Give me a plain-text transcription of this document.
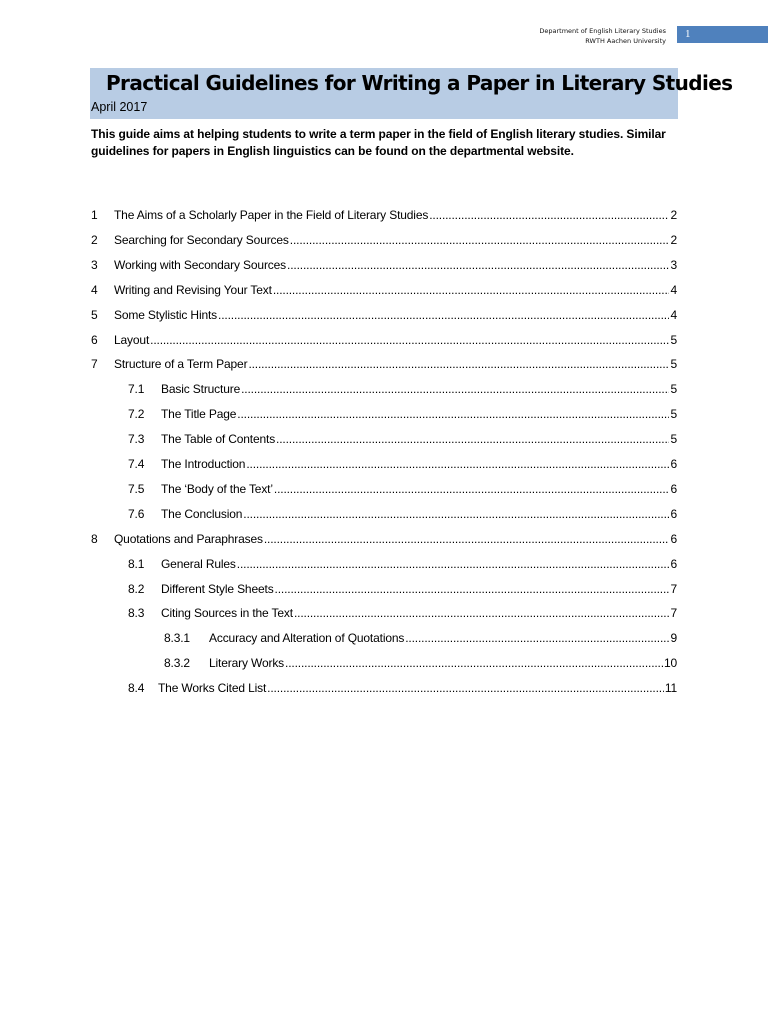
Department of English Literary Studies
RWTH Aachen University
1
Practical Guidelines for Writing a Paper in Literary Studies
April 2017
This guide aims at helping students to write a term paper in the field of English literary studies. Similar guidelines for papers in English linguistics can be found on the departmental website.
1	The Aims of a Scholarly Paper in the Field of Literary Studies .....	2
2	Searching for Secondary Sources .....	2
3	Working with Secondary Sources .....	3
4	Writing and Revising Your Text .....	4
5	Some Stylistic Hints .....	4
6	Layout .....	5
7	Structure of a Term Paper .....	5
7.1	Basic Structure .....	5
7.2	The Title Page .....	5
7.3	The Table of Contents .....	5
7.4	The Introduction .....	6
7.5	The ‘Body of the Text’ .....	6
7.6	The Conclusion .....	6
8	Quotations and Paraphrases .....	6
8.1	General Rules .....	6
8.2	Different Style Sheets .....	7
8.3	Citing Sources in the Text .....	7
8.3.1	Accuracy and Alteration of Quotations .....	9
8.3.2	Literary Works .....	10
8.4	The Works Cited List .....	11
